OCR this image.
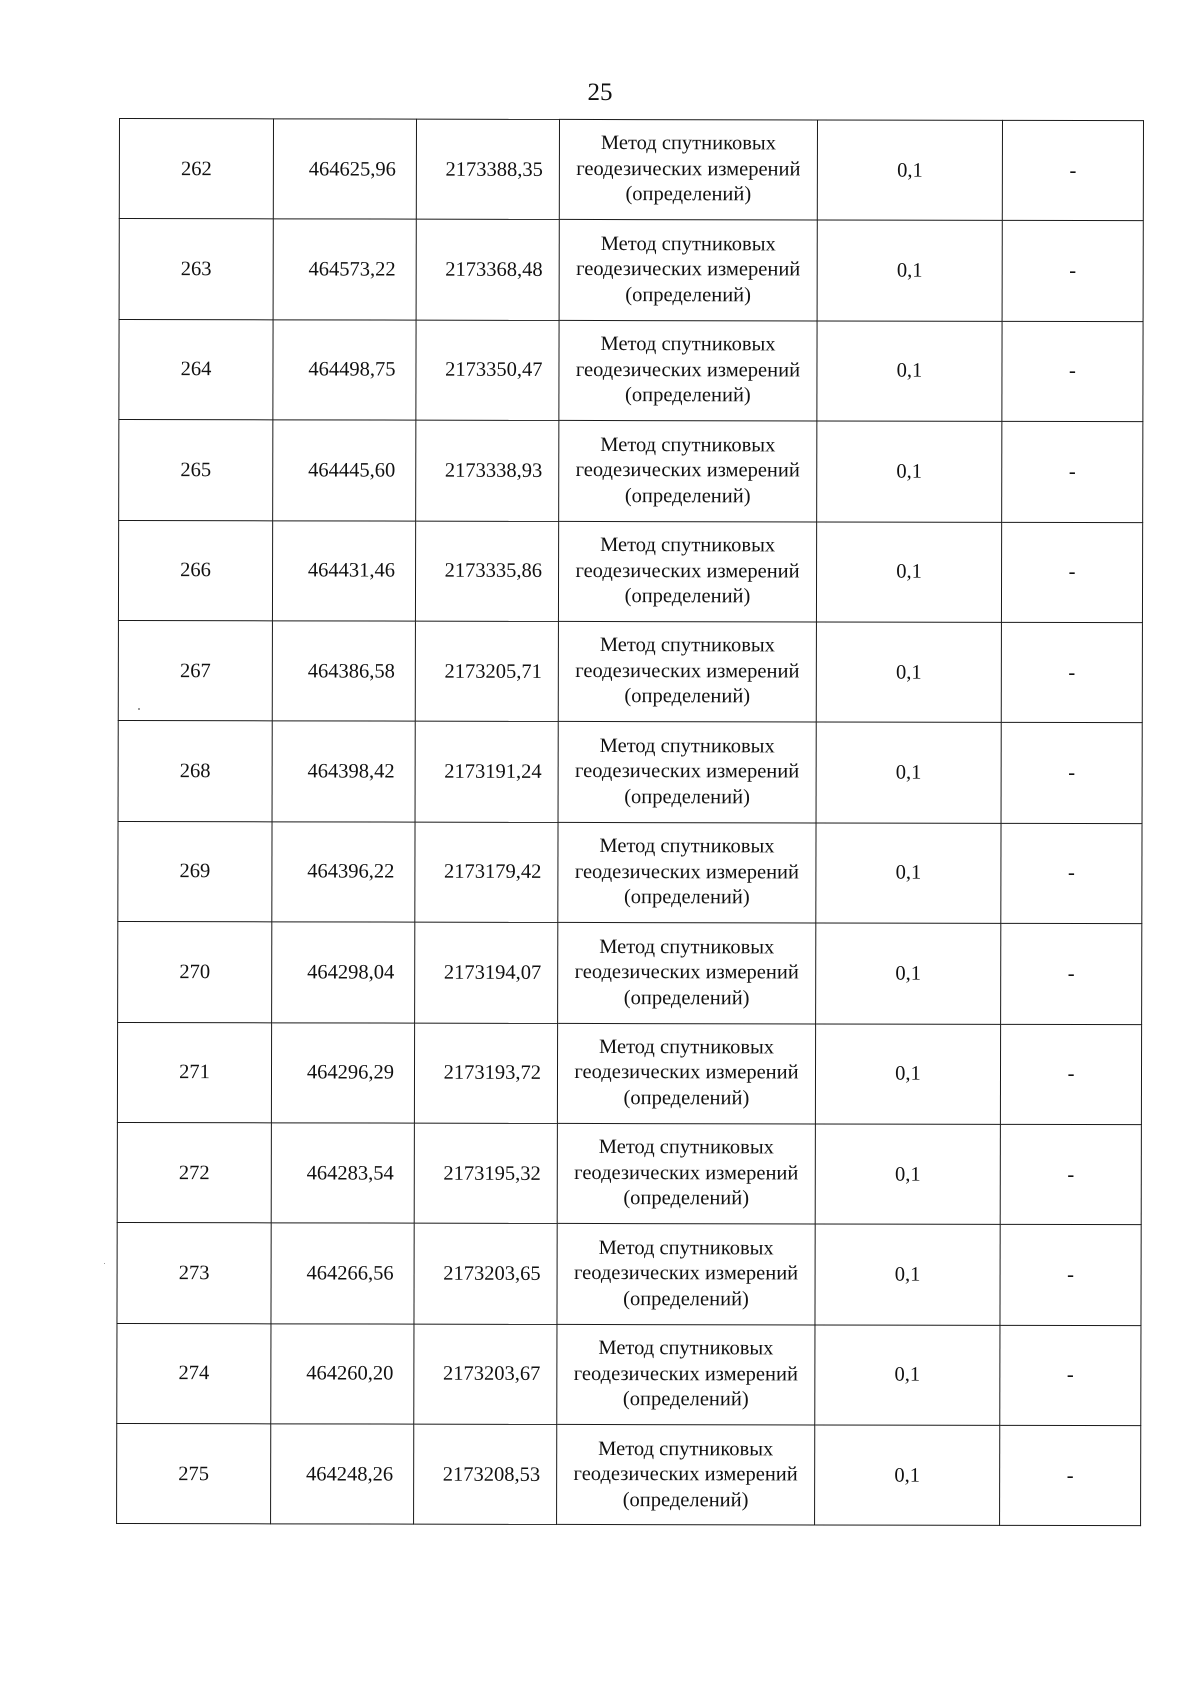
25
262	464625,96	2173388,35	Метод спутниковых
геодезических измерений
(определений)	0,1	-
263	464573,22	2173368,48	Метод спутниковых
геодезических измерений
(определений)	0,1	-
264	464498,75	2173350,47	Метод спутниковых
геодезических измерений
(определений)	0,1	-
265	464445,60	2173338,93	Метод спутниковых
геодезических измерений
(определений)	0,1	-
266	464431,46	2173335,86	Метод спутниковых
геодезических измерений
(определений)	0,1	-
267	464386,58	2173205,71	Метод спутниковых
геодезических измерений
(определений)	0,1	-
268	464398,42	2173191,24	Метод спутниковых
геодезических измерений
(определений)	0,1	-
269	464396,22	2173179,42	Метод спутниковых
геодезических измерений
(определений)	0,1	-
270	464298,04	2173194,07	Метод спутниковых
геодезических измерений
(определений)	0,1	-
271	464296,29	2173193,72	Метод спутниковых
геодезических измерений
(определений)	0,1	-
272	464283,54	2173195,32	Метод спутниковых
геодезических измерений
(определений)	0,1	-
273	464266,56	2173203,65	Метод спутниковых
геодезических измерений
(определений)	0,1	-
274	464260,20	2173203,67	Метод спутниковых
геодезических измерений
(определений)	0,1	-
275	464248,26	2173208,53	Метод спутниковых
геодезических измерений
(определений)	0,1	-
